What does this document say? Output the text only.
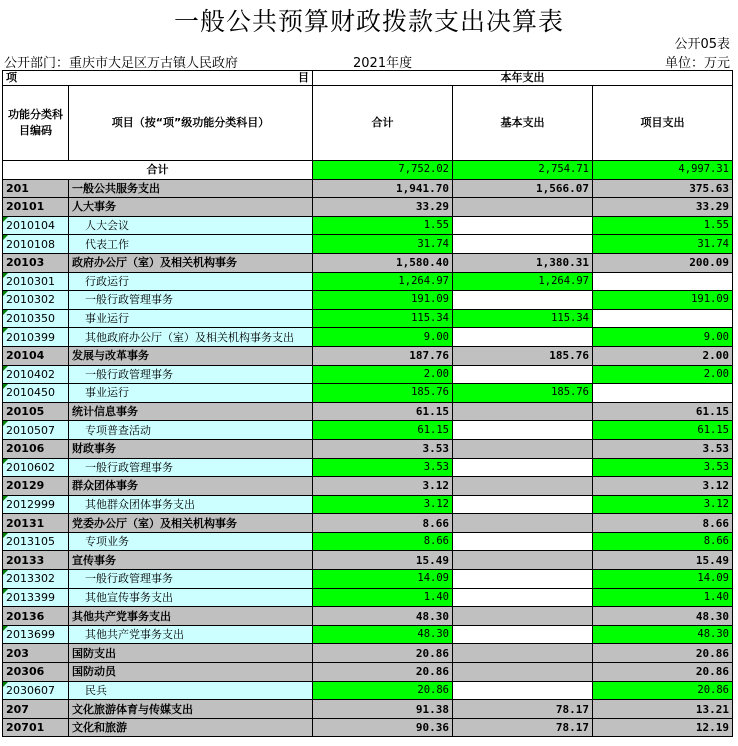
一般公共预算财政拨款支出决算表
公开05表
公开部门：重庆市大足区万古镇人民政府	2021年度	单位：万元
项	目	本年支出		
功能分类科目编码	项目（按“项”级功能分类科目）	合计	基本支出	项目支出
合计		7,752.02	2,754.71	4,997.31
201	一般公共服务支出	1,941.70	1,566.07	375.63
20101	人大事务	33.29		33.29
2010104	人大会议	1.55		1.55
2010108	代表工作	31.74		31.74
20103	政府办公厅（室）及相关机构事务	1,580.40	1,380.31	200.09
2010301	行政运行	1,264.97	1,264.97	
2010302	一般行政管理事务	191.09		191.09
2010350	事业运行	115.34	115.34	
2010399	其他政府办公厅（室）及相关机构事务支出	9.00		9.00
20104	发展与改革事务	187.76	185.76	2.00
2010402	一般行政管理事务	2.00		2.00
2010450	事业运行	185.76	185.76	
20105	统计信息事务	61.15		61.15
2010507	专项普查活动	61.15		61.15
20106	财政事务	3.53		3.53
2010602	一般行政管理事务	3.53		3.53
20129	群众团体事务	3.12		3.12
2012999	其他群众团体事务支出	3.12		3.12
20131	党委办公厅（室）及相关机构事务	8.66		8.66
2013105	专项业务	8.66		8.66
20133	宣传事务	15.49		15.49
2013302	一般行政管理事务	14.09		14.09
2013399	其他宣传事务支出	1.40		1.40
20136	其他共产党事务支出	48.30		48.30
2013699	其他共产党事务支出	48.30		48.30
203	国防支出	20.86		20.86
20306	国防动员	20.86		20.86
2030607	民兵	20.86		20.86
207	文化旅游体育与传媒支出	91.38	78.17	13.21
20701	文化和旅游	90.36	78.17	12.19
